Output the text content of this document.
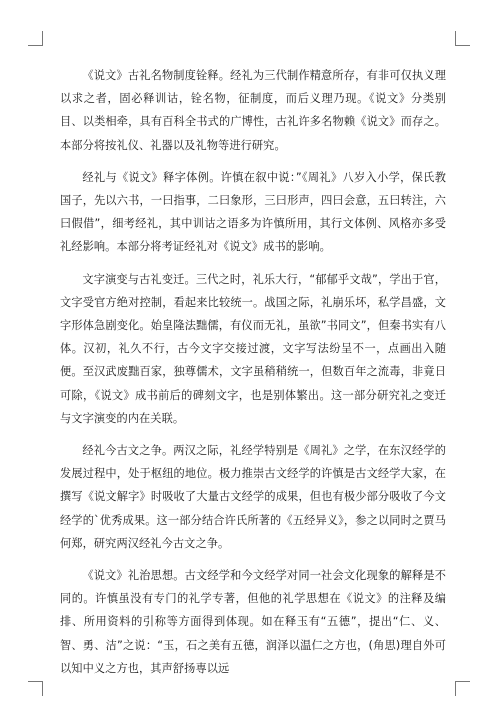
《说文》古礼名物制度铨释。经礼为三代制作精意所存，有非可仅执义理以求之者，固必释训诂，铨名物，征制度，而后义理乃现。《说文》分类别目、以类相牵，具有百科全书式的广博性，古礼许多名物赖《说文》而存之。本部分将按礼仪、礼器以及礼物等进行研究。

经礼与《说文》释字体例。许慎在叙中说：”《周礼》八岁入小学，保氏教国子，先以六书，一曰指事，二曰象形，三曰形声，四曰会意，五曰转注，六曰假借”，细考经礼，其中训诂之语多为许慎所用，其行文体例、风格亦多受礼经影响。本部分将考证经礼对《说文》成书的影响。

文字演变与古礼变迁。三代之时，礼乐大行，“郁郁乎文哉”，学出于官，文字受官方绝对控制，看起来比较统一。战国之际，礼崩乐坏，私学昌盛，文字形体急剧变化。始皇隆法黜儒，有仪而无礼，虽欲”书同文”，但秦书实有八体。汉初，礼久不行，古今文字交接过渡，文字写法纷呈不一，点画出入随便。至汉武废黜百家，独尊儒术，文字虽稍稍统一，但数百年之流毒，非竟日可除，《说文》成书前后的碑刻文字，也是别体繁出。这一部分研究礼之变迁与文字演变的内在关联。

经礼今古文之争。两汉之际，礼经学特别是《周礼》之学，在东汉经学的发展过程中，处于枢纽的地位。极力推崇古文经学的许慎是古文经学大家，在撰写《说文解字》时吸收了大量古文经学的成果，但也有极少部分吸收了今文经学的`优秀成果。这一部分结合许氏所著的《五经异义》，参之以同时之贾马何郑，研究两汉经礼今古文之争。

《说文》礼治思想。古文经学和今文经学对同一社会文化现象的解释是不同的。许慎虽没有专门的礼学专著，但他的礼学思想在《说文》的注释及编排、所用资料的引称等方面得到体现。如在释玉有“五德”，提出“仁、义、智、勇、洁”之说：“玉，石之美有五德，润泽以温仁之方也，(角思)理自外可以知中义之方也，其声舒扬専以远
